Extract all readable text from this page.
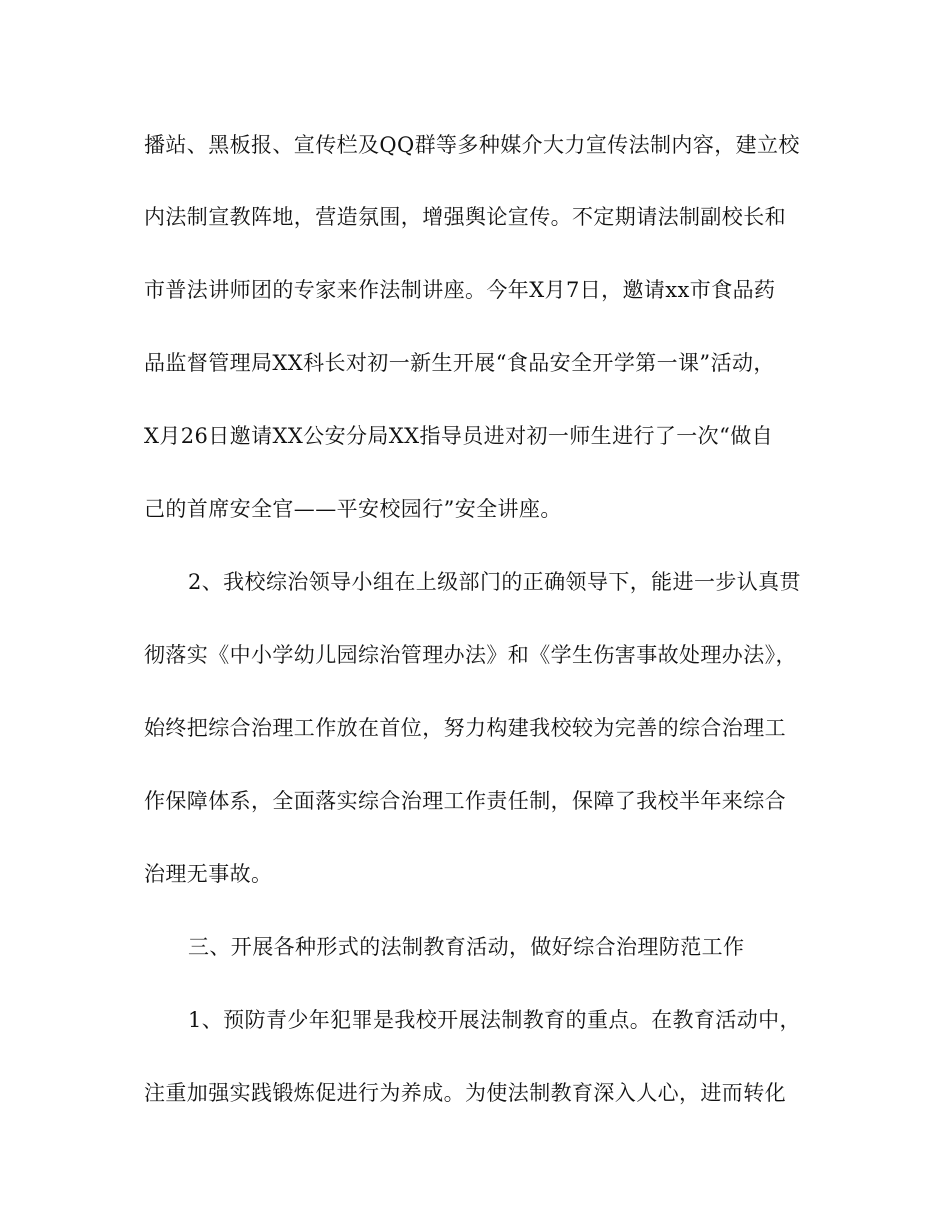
播站、黑板报、宣传栏及QQ群等多种媒介大力宣传法制内容，建立校
内法制宣教阵地，营造氛围，增强舆论宣传。不定期请法制副校长和
市普法讲师团的专家来作法制讲座。今年X月7日，邀请xx市食品药
品监督管理局XX科长对初一新生开展“食品安全开学第一课”活动，
X月26日邀请XX公安分局XX指导员进对初一师生进行了一次“做自
己的首席安全官——平安校园行”安全讲座。
2、我校综治领导小组在上级部门的正确领导下，能进一步认真贯
彻落实《中小学幼儿园综治管理办法》和《学生伤害事故处理办法》，
始终把综合治理工作放在首位，努力构建我校较为完善的综合治理工
作保障体系，全面落实综合治理工作责任制，保障了我校半年来综合
治理无事故。
三、开展各种形式的法制教育活动，做好综合治理防范工作
1、预防青少年犯罪是我校开展法制教育的重点。在教育活动中，
注重加强实践锻炼促进行为养成。为使法制教育深入人心，进而转化
